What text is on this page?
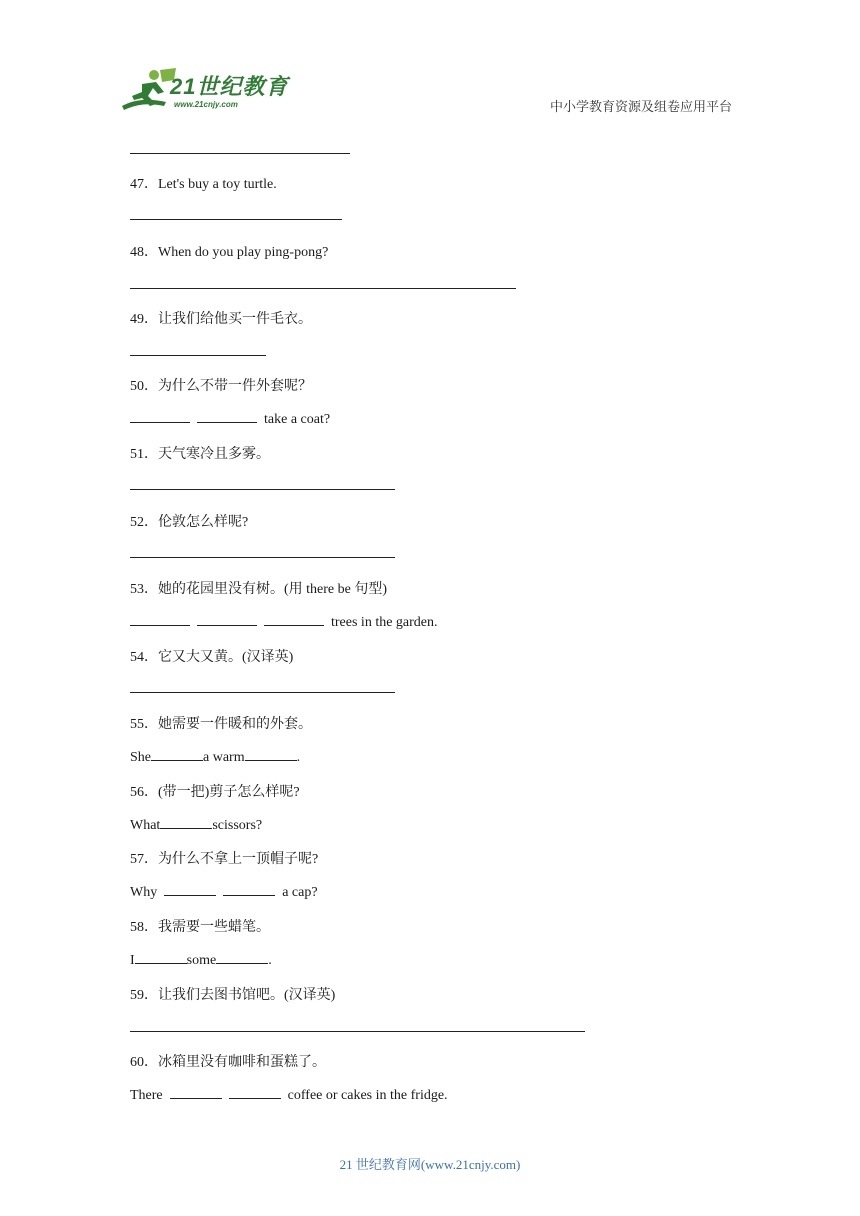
21世纪教育
www.21cnjy.com	中小学教育资源及组卷应用平台
47．Let's buy a toy turtle.
48．When do you play ping-pong?
49．让我们给他买一件毛衣。
50．为什么不带一件外套呢？
take a coat?
51．天气寒冷且多雾。
52．伦敦怎么样呢?
53．她的花园里没有树。(用 there be 句型)
trees in the garden.
54．它又大又黄。(汉译英)
55．她需要一件暖和的外套。
She	a warm	.
56．(带一把)剪子怎么样呢?
What	scissors?
57．为什么不拿上一顶帽子呢?
Why	a cap?
58．我需要一些蜡笔。
I	some	.
59．让我们去图书馆吧。(汉译英)
60．冰箱里没有咖啡和蛋糕了。
There	coffee or cakes in the fridge.
21 世纪教育网(www.21cnjy.com)
